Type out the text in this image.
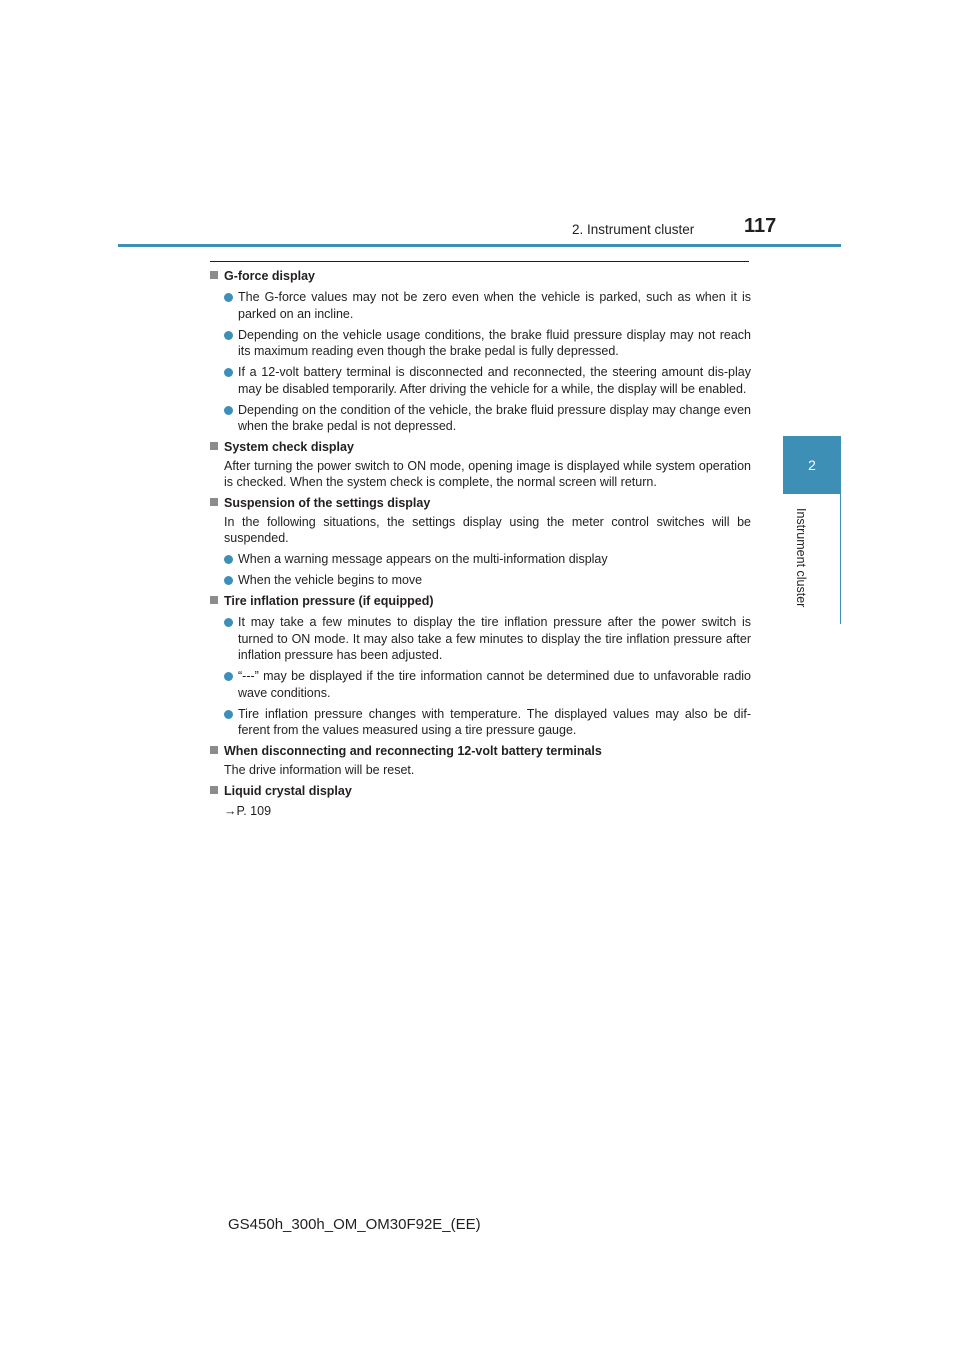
2. Instrument cluster 117
2
Instrument cluster
G-force display
The G-force values may not be zero even when the vehicle is parked, such as when it is parked on an incline.
Depending on the vehicle usage conditions, the brake fluid pressure display may not reach its maximum reading even though the brake pedal is fully depressed.
If a 12-volt battery terminal is disconnected and reconnected, the steering amount dis-play may be disabled temporarily. After driving the vehicle for a while, the display will be enabled.
Depending on the condition of the vehicle, the brake fluid pressure display may change even when the brake pedal is not depressed.
System check display
After turning the power switch to ON mode, opening image is displayed while system operation is checked. When the system check is complete, the normal screen will return.
Suspension of the settings display
In the following situations, the settings display using the meter control switches will be suspended.
When a warning message appears on the multi-information display
When the vehicle begins to move
Tire inflation pressure (if equipped)
It may take a few minutes to display the tire inflation pressure after the power switch is turned to ON mode. It may also take a few minutes to display the tire inflation pressure after inflation pressure has been adjusted.
“---” may be displayed if the tire information cannot be determined due to unfavorable radio wave conditions.
Tire inflation pressure changes with temperature. The displayed values may also be dif-ferent from the values measured using a tire pressure gauge.
When disconnecting and reconnecting 12-volt battery terminals
The drive information will be reset.
Liquid crystal display
→P. 109
GS450h_300h_OM_OM30F92E_(EE)
